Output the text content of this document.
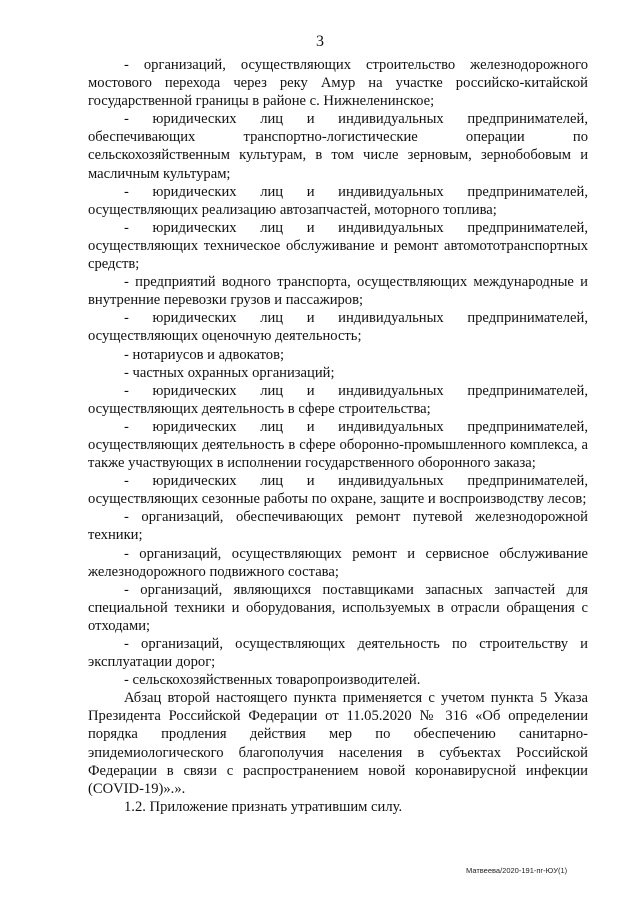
3

- организаций, осуществляющих строительство железнодорожного мостового перехода через реку Амур на участке российско-китайской государственной границы в районе с. Нижнеленинское;

- юридических лиц и индивидуальных предпринимателей, обеспечивающих транспортно-логистические операции по сельскохозяйственным культурам, в том числе зерновым, зернобобовым и масличным культурам;

- юридических лиц и индивидуальных предпринимателей, осуществляющих реализацию автозапчастей, моторного топлива;

- юридических лиц и индивидуальных предпринимателей, осуществляющих техническое обслуживание и ремонт автомототранспортных средств;

- предприятий водного транспорта, осуществляющих международные и внутренние перевозки грузов и пассажиров;

- юридических лиц и индивидуальных предпринимателей, осуществляющих оценочную деятельность;

- нотариусов и адвокатов;

- частных охранных организаций;

- юридических лиц и индивидуальных предпринимателей, осуществляющих деятельность в сфере строительства;

- юридических лиц и индивидуальных предпринимателей, осуществляющих деятельность в сфере оборонно-промышленного комплекса, а также участвующих в исполнении государственного оборонного заказа;

- юридических лиц и индивидуальных предпринимателей, осуществляющих сезонные работы по охране, защите и воспроизводству лесов;

- организаций, обеспечивающих ремонт путевой железнодорожной техники;

- организаций, осуществляющих ремонт и сервисное обслуживание железнодорожного подвижного состава;

- организаций, являющихся поставщиками запасных запчастей для специальной техники и оборудования, используемых в отрасли обращения с отходами;

- организаций, осуществляющих деятельность по строительству и эксплуатации дорог;

- сельскохозяйственных товаропроизводителей.

Абзац второй настоящего пункта применяется с учетом пункта 5 Указа Президента Российской Федерации от 11.05.2020 № 316 «Об определении порядка продления действия мер по обеспечению санитарно-эпидемиологического благополучия населения в субъектах Российской Федерации в связи с распространением новой коронавирусной инфекции (COVID-19)».».

1.2. Приложение признать утратившим силу.

Матвеева/2020-191-пг-ЮУ(1)
